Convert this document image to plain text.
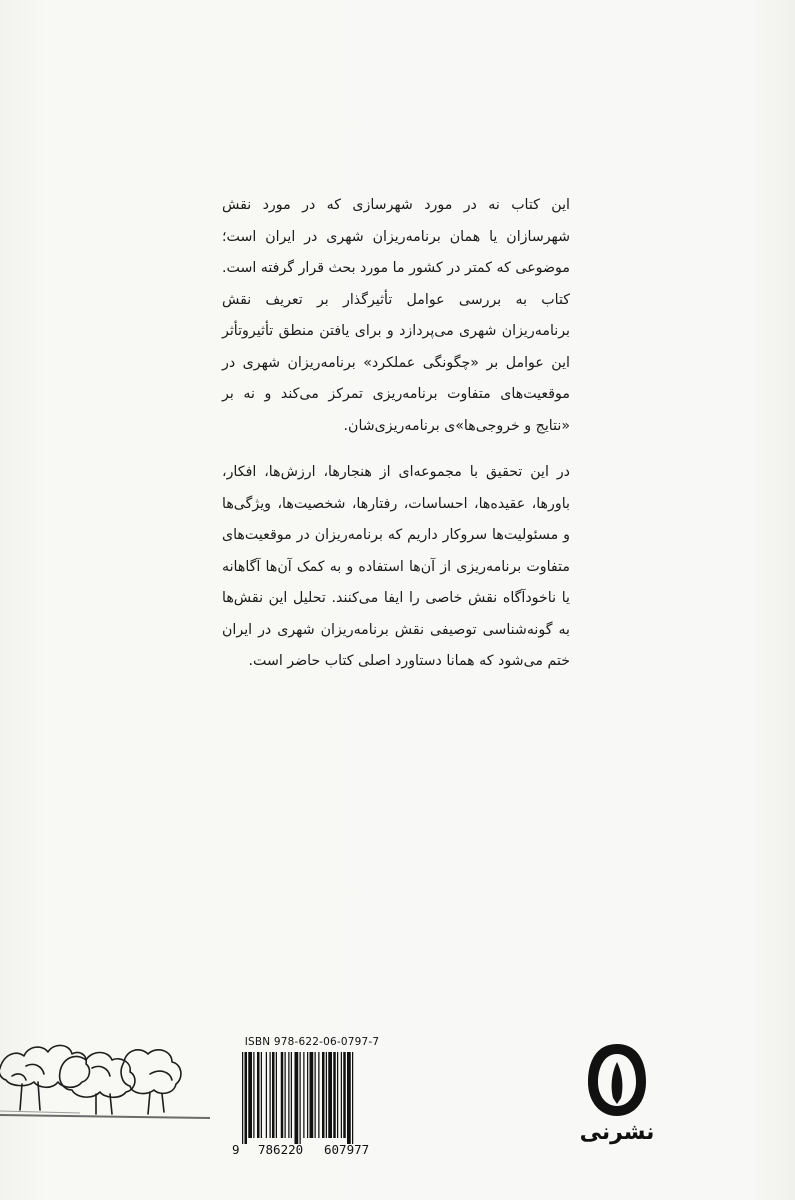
این کتاب نه در مورد شهرسازی که در مورد نقش شهرسازان یا همان برنامه‌ریزان شهری در ایران است؛ موضوعی که کمتر در کشور ما مورد بحث قرار گرفته است. کتاب به بررسی عوامل تأثیرگذار بر تعریف نقش برنامه‌ریزان شهری می‌پردازد و برای یافتن منطق تأثیروتأثر این عوامل بر «چگونگی عملکرد» برنامه‌ریزان شهری در موقعیت‌های متفاوت برنامه‌ریزی تمرکز می‌کند و نه بر «نتایج و خروجی‌ها»ی برنامه‌ریزی‌شان.

در این تحقیق با مجموعه‌ای از هنجارها، ارزش‌ها، افکار، باورها، عقیده‌ها، احساسات، رفتارها، شخصیت‌ها، ویژگی‌ها و مسئولیت‌ها سروکار داریم که برنامه‌ریزان در موقعیت‌های متفاوت برنامه‌ریزی از آن‌ها استفاده و به کمک آن‌ها آگاهانه یا ناخودآگاه نقش خاصی را ایفا می‌کنند. تحلیل این نقش‌ها به گونه‌شناسی توصیفی نقش برنامه‌ریزان شهری در ایران ختم می‌شود که همانا دستاورد اصلی کتاب حاضر است.

ISBN 978-622-06-0797-7
9 786220 607977
نشرنی
